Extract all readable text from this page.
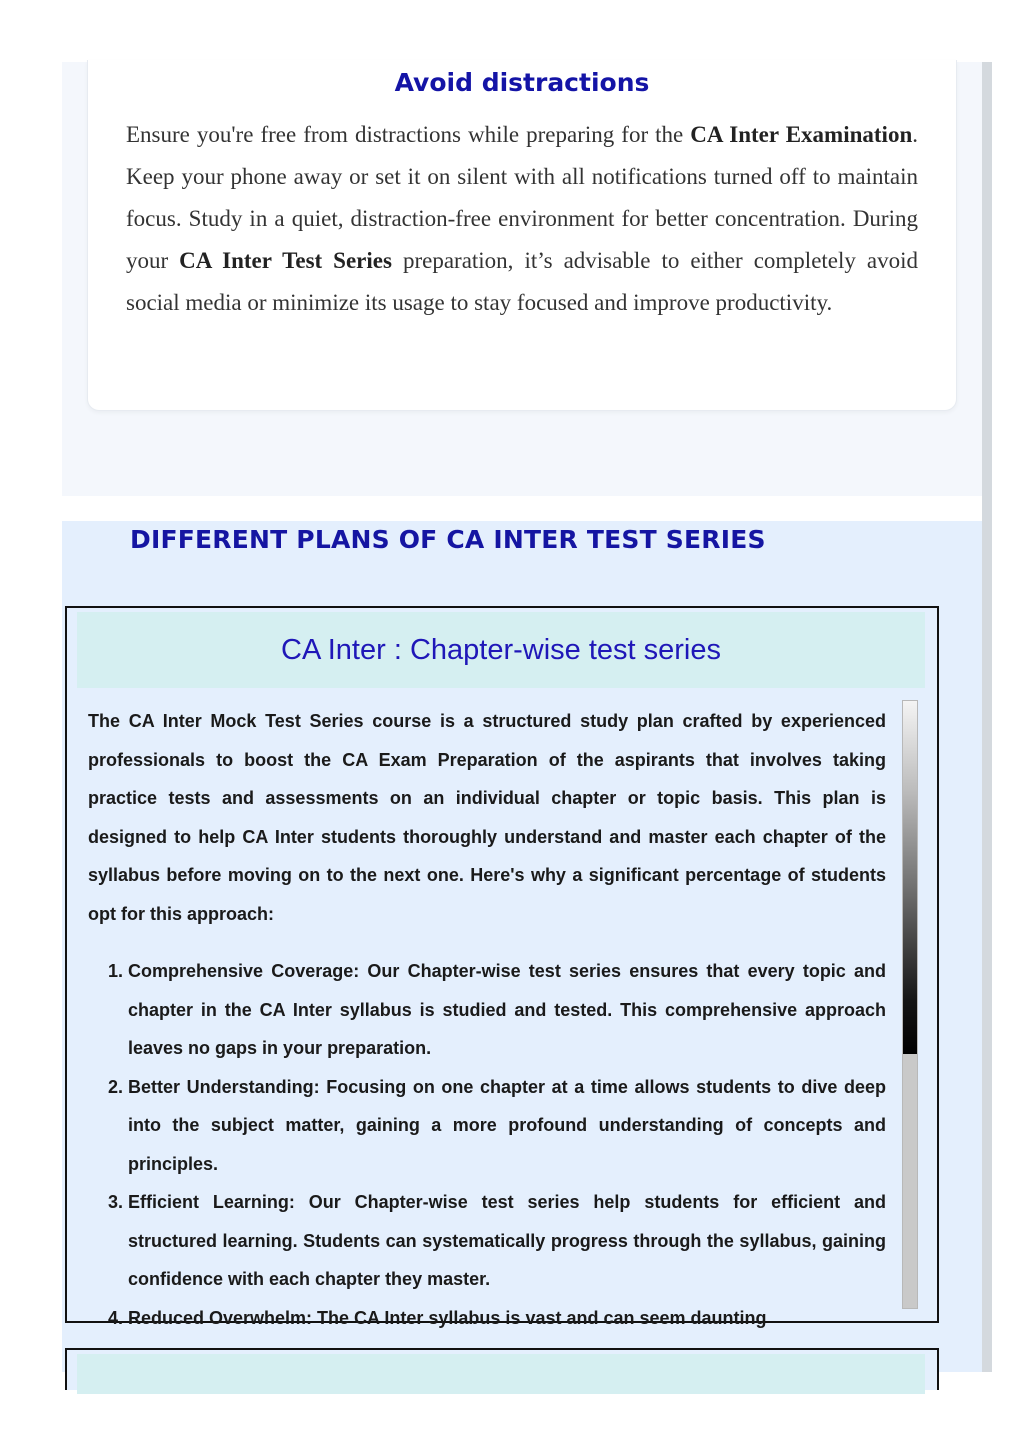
Avoid distractions

Ensure you're free from distractions while preparing for the CA Inter Examination. Keep your phone away or set it on silent with all notifications turned off to maintain focus. Study in a quiet, distraction-free environment for better concentration. During your CA Inter Test Series preparation, it’s advisable to either completely avoid social media or minimize its usage to stay focused and improve productivity.

DIFFERENT PLANS OF CA INTER TEST SERIES
CA Inter : Chapter-wise test series

The CA Inter Mock Test Series course is a structured study plan crafted by experienced professionals to boost the CA Exam Preparation of the aspirants that involves taking practice tests and assessments on an individual chapter or topic basis. This plan is designed to help CA Inter students thoroughly understand and master each chapter of the syllabus before moving on to the next one. Here's why a significant percentage of students opt for this approach:

1. Comprehensive Coverage: Our Chapter-wise test series ensures that every topic and chapter in the CA Inter syllabus is studied and tested. This comprehensive approach leaves no gaps in your preparation.
2. Better Understanding: Focusing on one chapter at a time allows students to dive deep into the subject matter, gaining a more profound understanding of concepts and principles.
3. Efficient Learning: Our Chapter-wise test series help students for efficient and structured learning. Students can systematically progress through the syllabus, gaining confidence with each chapter they master.
4. Reduced Overwhelm: The CA Inter syllabus is vast and can seem daunting
